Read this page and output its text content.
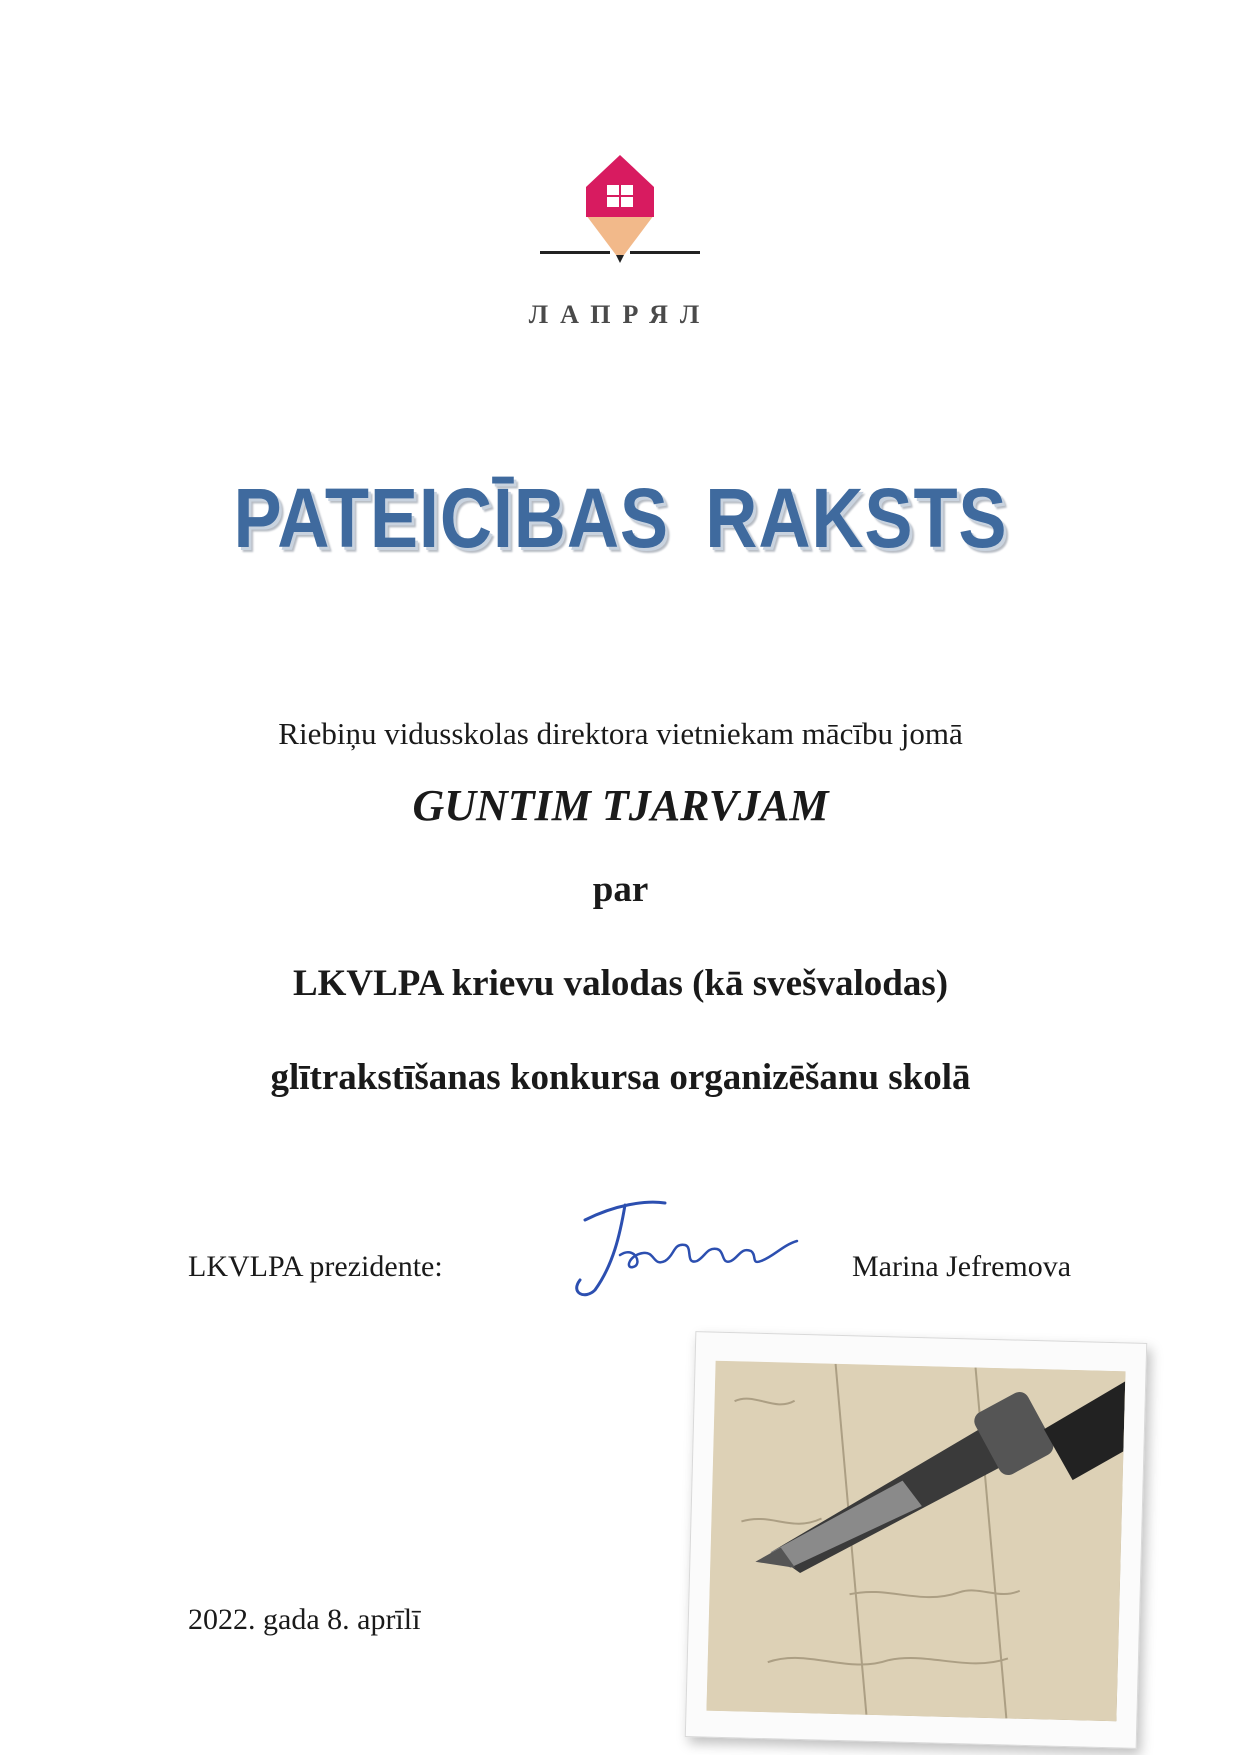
ЛАПРЯЛ
PATEICĪBAS RAKSTS
Riebiņu vidusskolas direktora vietniekam mācību jomā
GUNTIM TJARVJAM
par
LKVLPA krievu valodas (kā svešvalodas)
glītrakstīšanas konkursa organizēšanu skolā
LKVLPA prezidente:	Marina Jefremova
2022. gada 8. aprīlī
